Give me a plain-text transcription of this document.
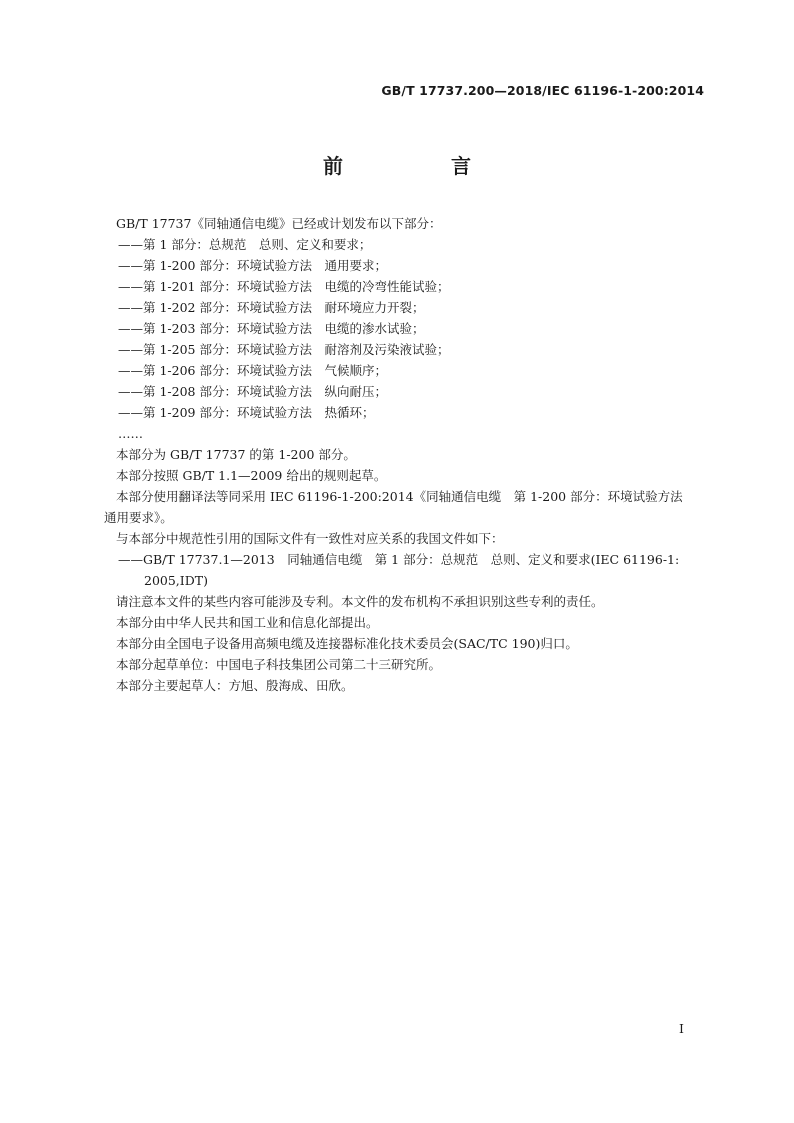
GB/T 17737.200—2018/IEC 61196-1-200:2014
前　言
GB/T 17737《同轴通信电缆》已经或计划发布以下部分：
——第 1 部分：总规范　总则、定义和要求；
——第 1-200 部分：环境试验方法　通用要求；
——第 1-201 部分：环境试验方法　电缆的冷弯性能试验；
——第 1-202 部分：环境试验方法　耐环境应力开裂；
——第 1-203 部分：环境试验方法　电缆的渗水试验；
——第 1-205 部分：环境试验方法　耐溶剂及污染液试验；
——第 1-206 部分：环境试验方法　气候顺序；
——第 1-208 部分：环境试验方法　纵向耐压；
——第 1-209 部分：环境试验方法　热循环；
……
本部分为 GB/T 17737 的第 1-200 部分。
本部分按照 GB/T 1.1—2009 给出的规则起草。
本部分使用翻译法等同采用 IEC 61196-1-200:2014《同轴通信电缆　第 1-200 部分：环境试验方法
通用要求》。
与本部分中规范性引用的国际文件有一致性对应关系的我国文件如下：
——GB/T 17737.1—2013　同轴通信电缆　第 1 部分：总规范　总则、定义和要求(IEC 61196-1:
2005,IDT)
请注意本文件的某些内容可能涉及专利。本文件的发布机构不承担识别这些专利的责任。
本部分由中华人民共和国工业和信息化部提出。
本部分由全国电子设备用高频电缆及连接器标准化技术委员会(SAC/TC 190)归口。
本部分起草单位：中国电子科技集团公司第二十三研究所。
本部分主要起草人：方旭、殷海成、田欣。
I
